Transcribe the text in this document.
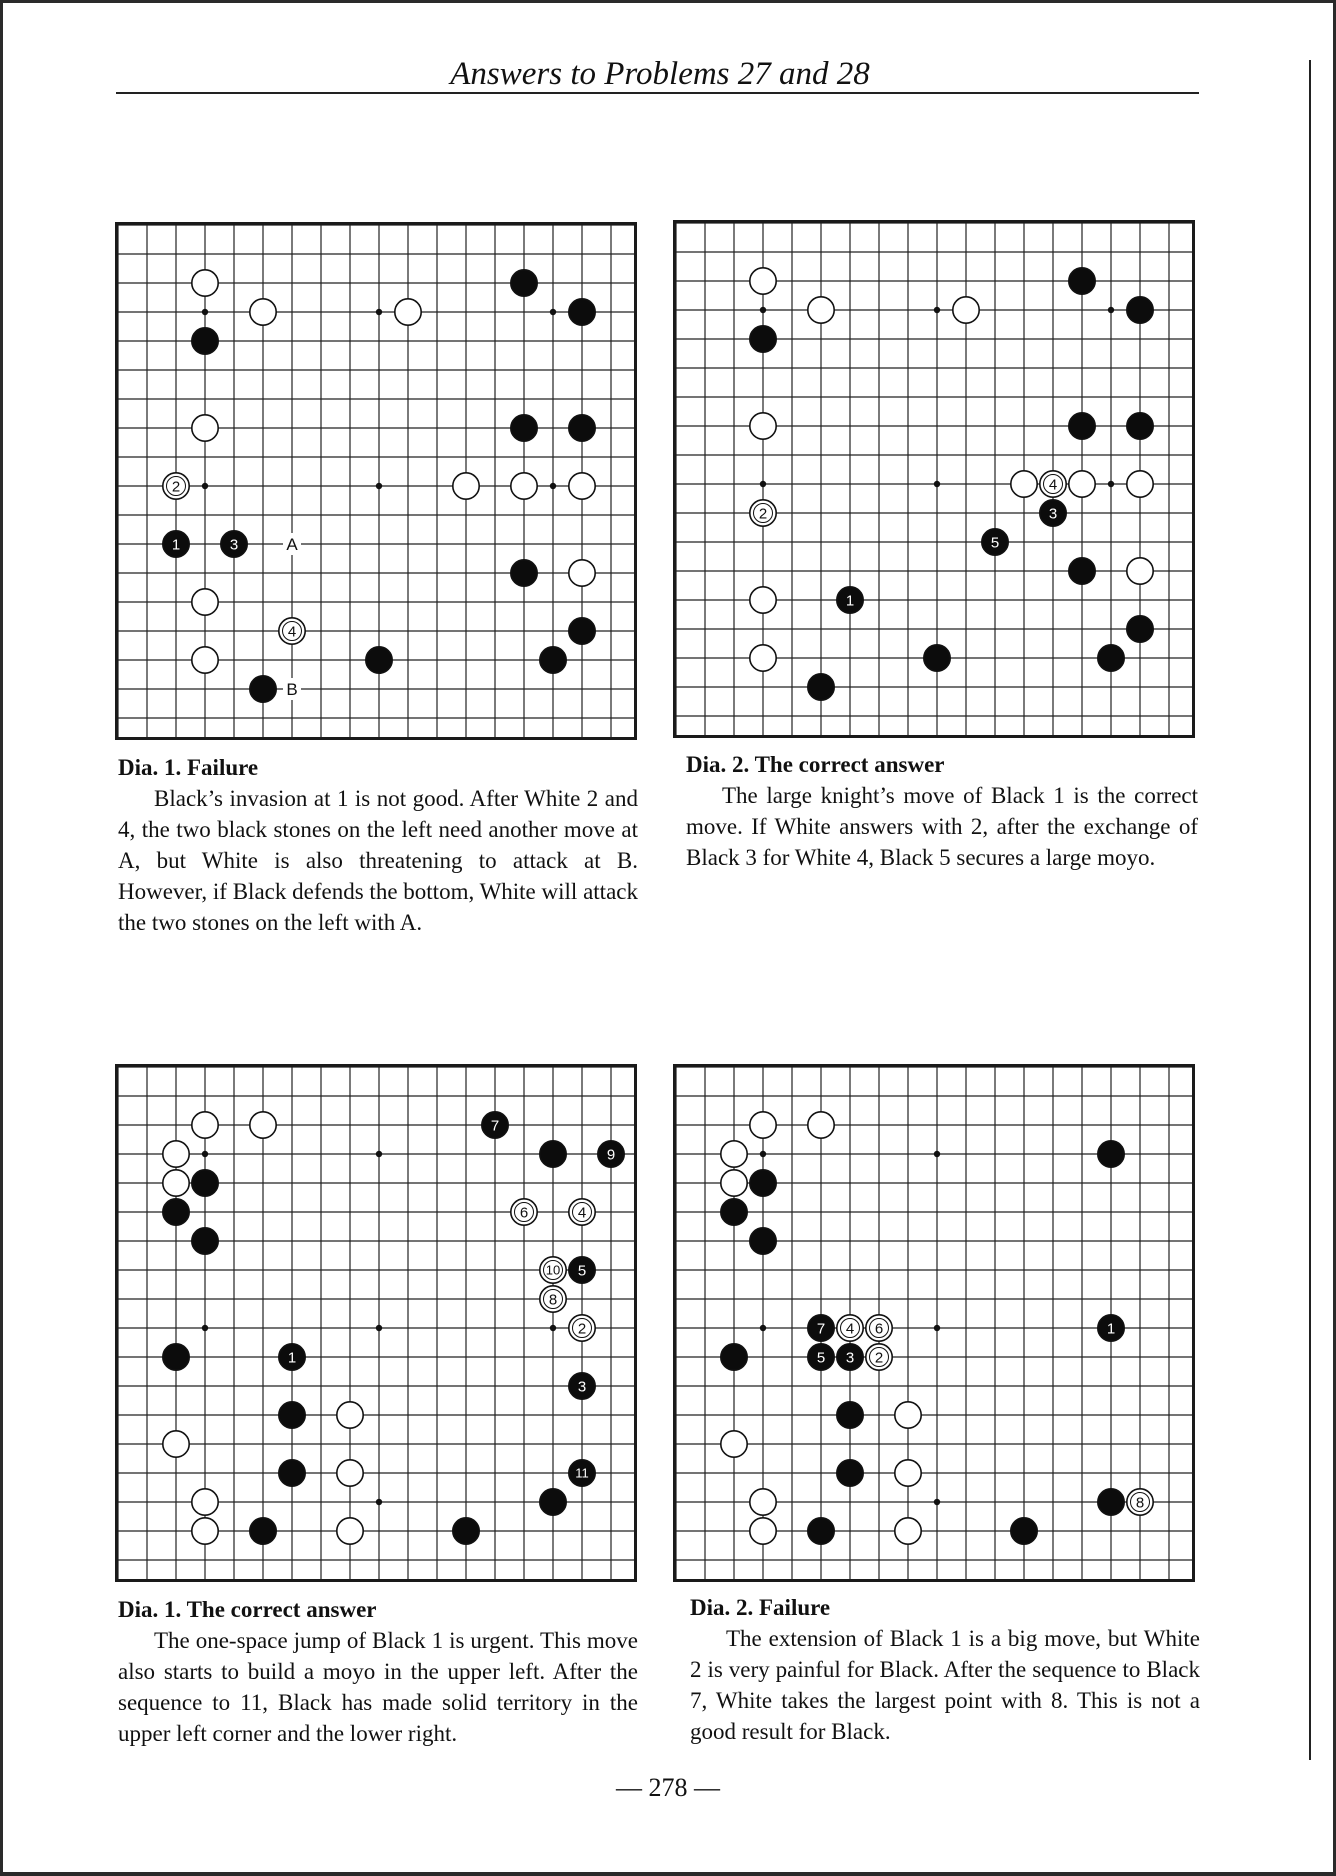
Answers to Problems 27 and 28
A
B
2
1	3
4
4
2	3
5
1
7
9
6	4
10 5
8
2
1
3
11
7 4 6	1
5 3 2
8
Dia. 1. Failure
Black’s invasion at 1 is not good. After White 2 and 4, the two black stones on the left need another move at A, but White is also threatening to attack at B. However, if Black defends the bottom, White will attack the two stones on the left with A.
Dia. 2. The correct answer
The large knight’s move of Black 1 is the correct move. If White answers with 2, after the exchange of Black 3 for White 4, Black 5 secures a large moyo.
Dia. 1. The correct answer
The one-space jump of Black 1 is urgent. This move also starts to build a moyo in the upper left. After the sequence to 11, Black has made solid territory in the upper left corner and the lower right.
Dia. 2. Failure
The extension of Black 1 is a big move, but White 2 is very painful for Black. After the sequence to Black 7, White takes the largest point with 8. This is not a good result for Black.
— 278 —
